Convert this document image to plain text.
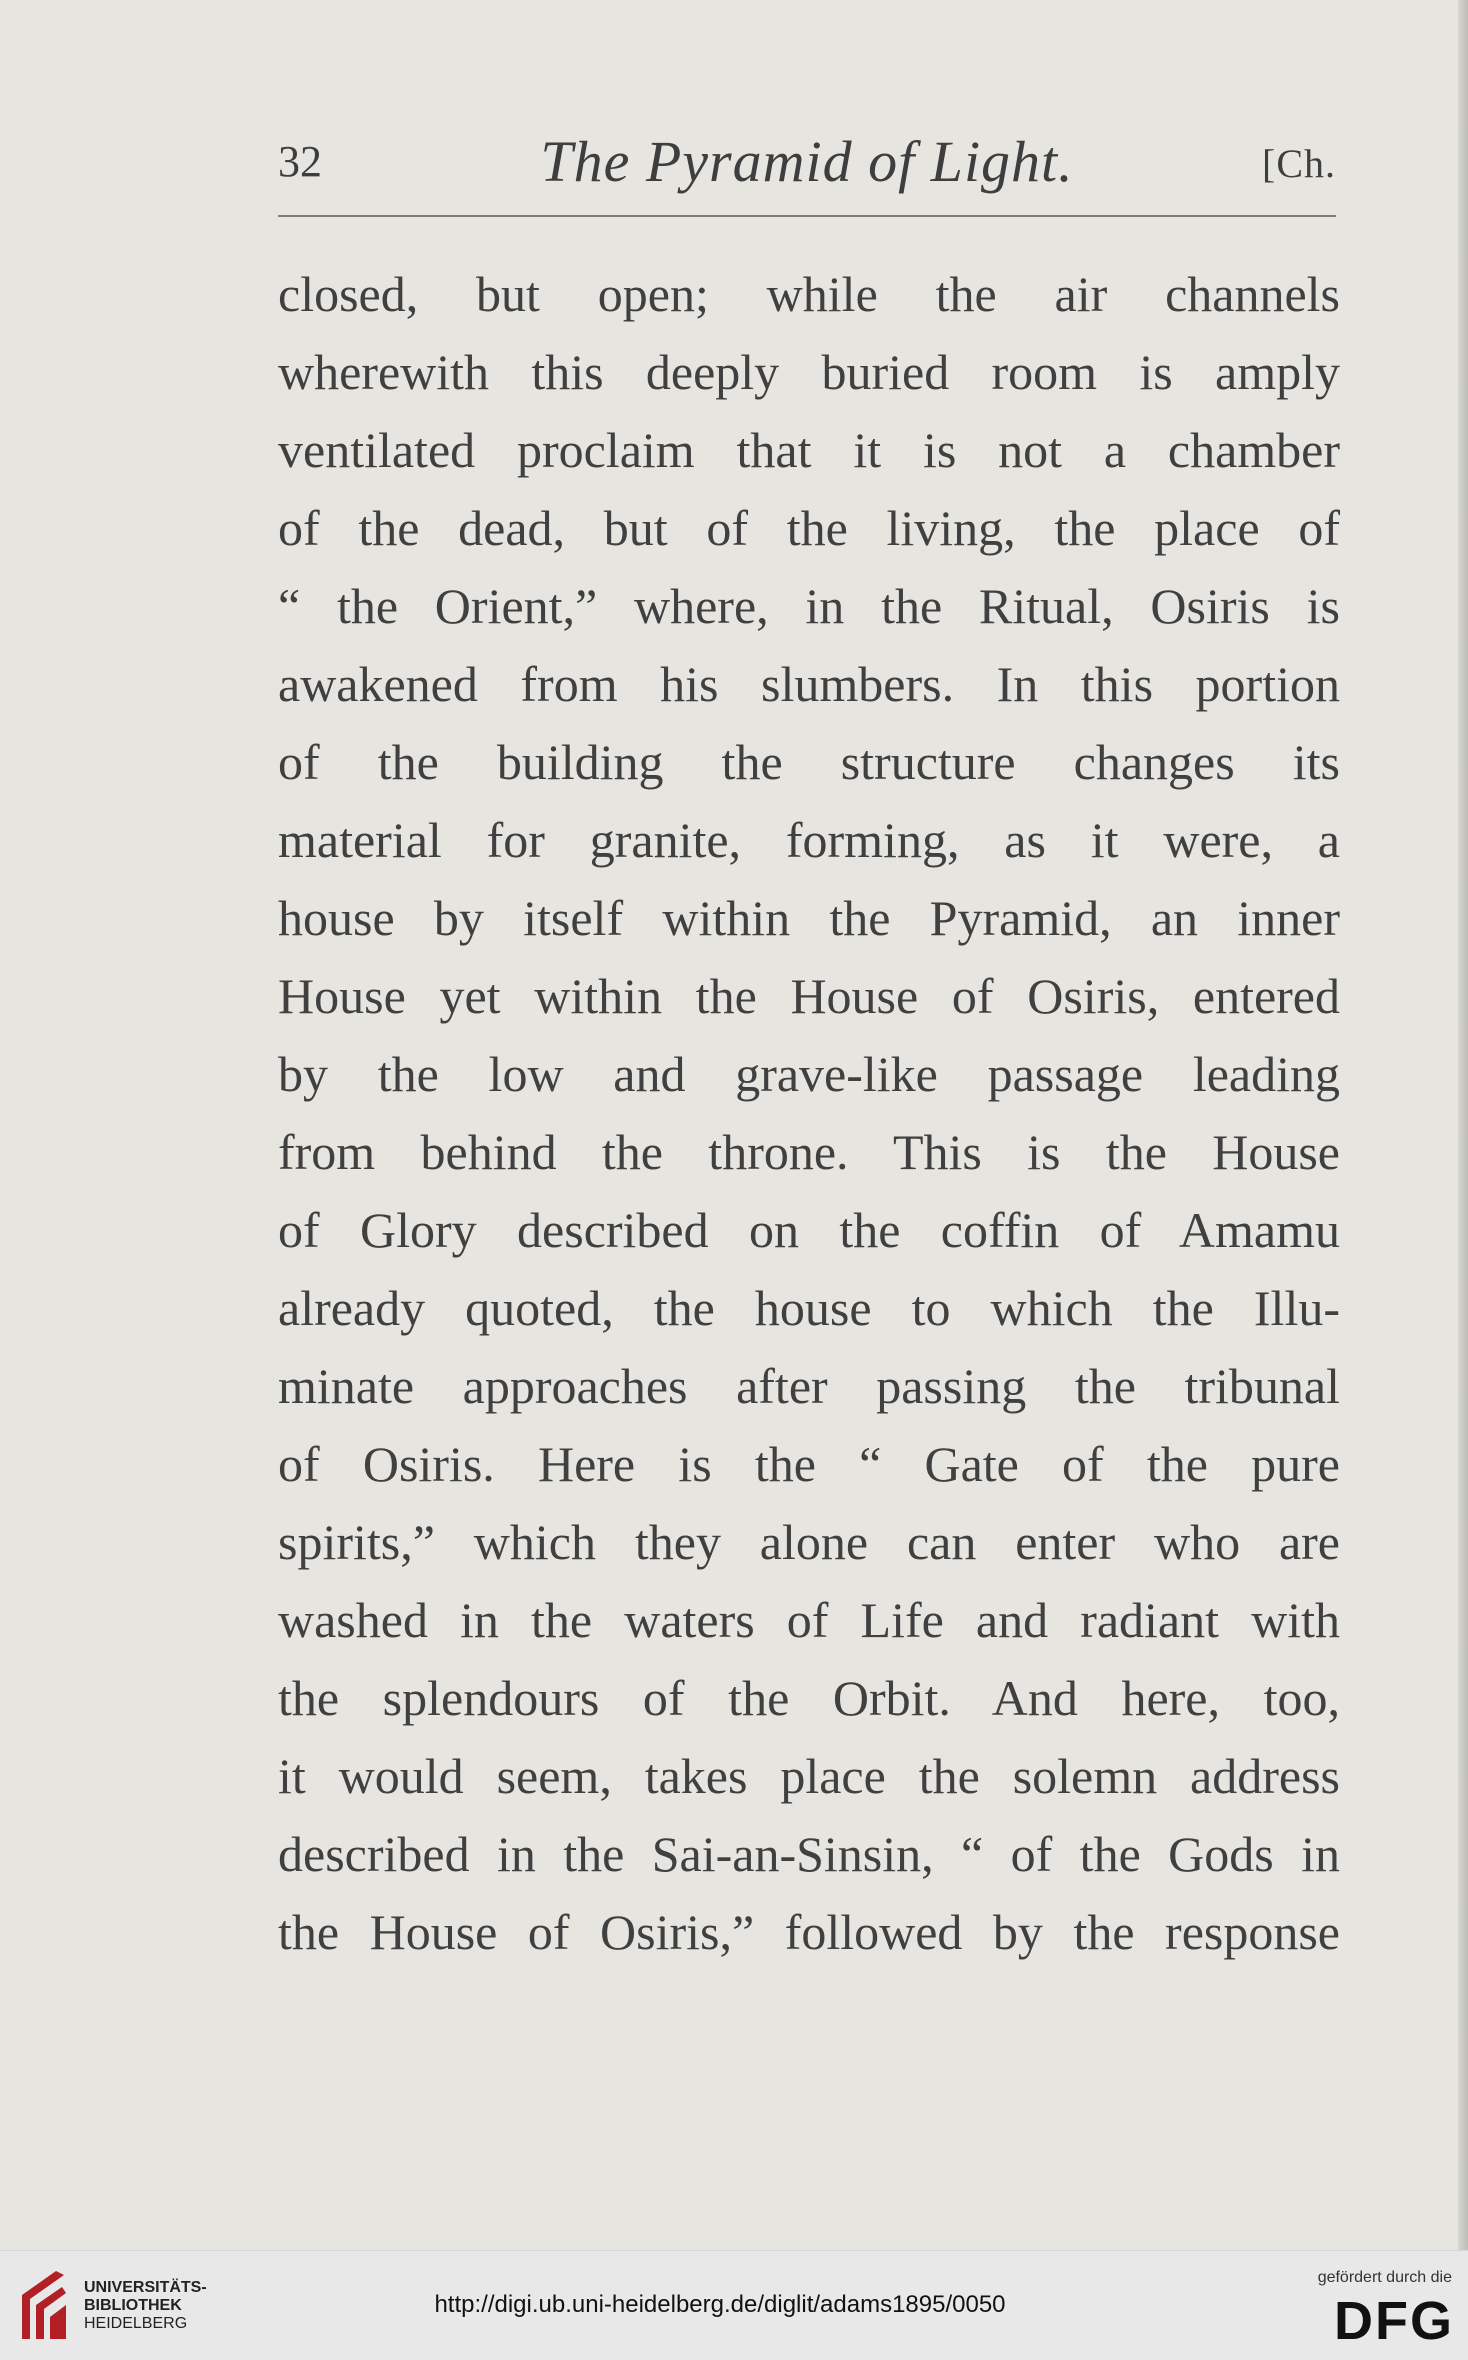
32	The Pyramid of Light.	[Ch.
closed, but open; while the air channels
wherewith this deeply buried room is amply
ventilated proclaim that it is not a chamber
of the dead, but of the living, the place of
“ the Orient,” where, in the Ritual, Osiris is
awakened from his slumbers. In this portion
of the building the structure changes its
material for granite, forming, as it were, a
house by itself within the Pyramid, an inner
House yet within the House of Osiris, entered
by the low and grave-like passage leading
from behind the throne. This is the House
of Glory described on the coffin of Amamu
already quoted, the house to which the Illu-
minate approaches after passing the tribunal
of Osiris. Here is the “ Gate of the pure
spirits,” which they alone can enter who are
washed in the waters of Life and radiant with
the splendours of the Orbit. And here, too,
it would seem, takes place the solemn address
described in the Sai-an-Sinsin, “ of the Gods in
the House of Osiris,” followed by the response
UNIVERSITÄTS-
BIBLIOTHEK
HEIDELBERG
http://digi.ub.uni-heidelberg.de/diglit/adams1895/0050
gefördert durch die
DFG
